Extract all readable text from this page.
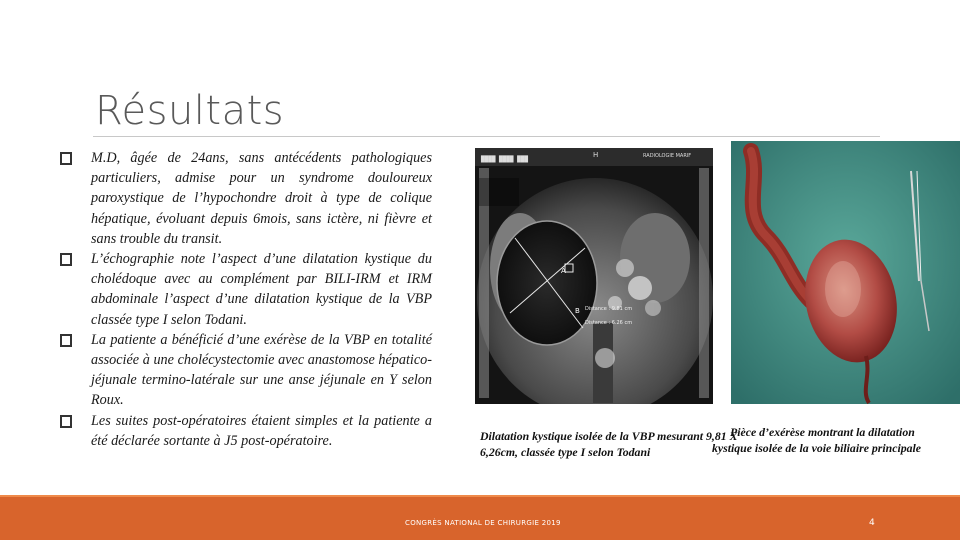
Résultats
M.D, âgée de 24ans, sans antécédents pathologiques particuliers, admise pour un syndrome douloureux paroxystique de l’hypochondre droit à type de colique hépatique, évoluant depuis 6mois, sans ictère, ni fièvre et sans trouble du transit.
L’échographie note l’aspect d’une dilatation kystique du cholédoque avec au complément par BILI-IRM et IRM abdominale l’aspect d’une dilatation kystique de la VBP classée type I selon Todani.
La patiente a bénéficié d’une exérèse de la VBP en totalité associée à une cholécystectomie avec anastomose hépatico-jéjunale termino-latérale sur une anse jéjunale en Y selon Roux.
Les suites post-opératoires étaient simples et la patiente a été déclarée sortante à J5 post-opératoire.
████ ████ ███
H	RADIOLOGIE MARIF
A
B Distance : 9.81 cm
Distance : 6.26 cm
Dilatation kystique isolée de la VBP mesurant 9,81 X 6,26cm, classée type I selon Todani
Pièce d’exérèse montrant la dilatation kystique isolée de la voie biliaire principale
CONGRÈS NATIONAL DE CHIRURGIE 2019	4
